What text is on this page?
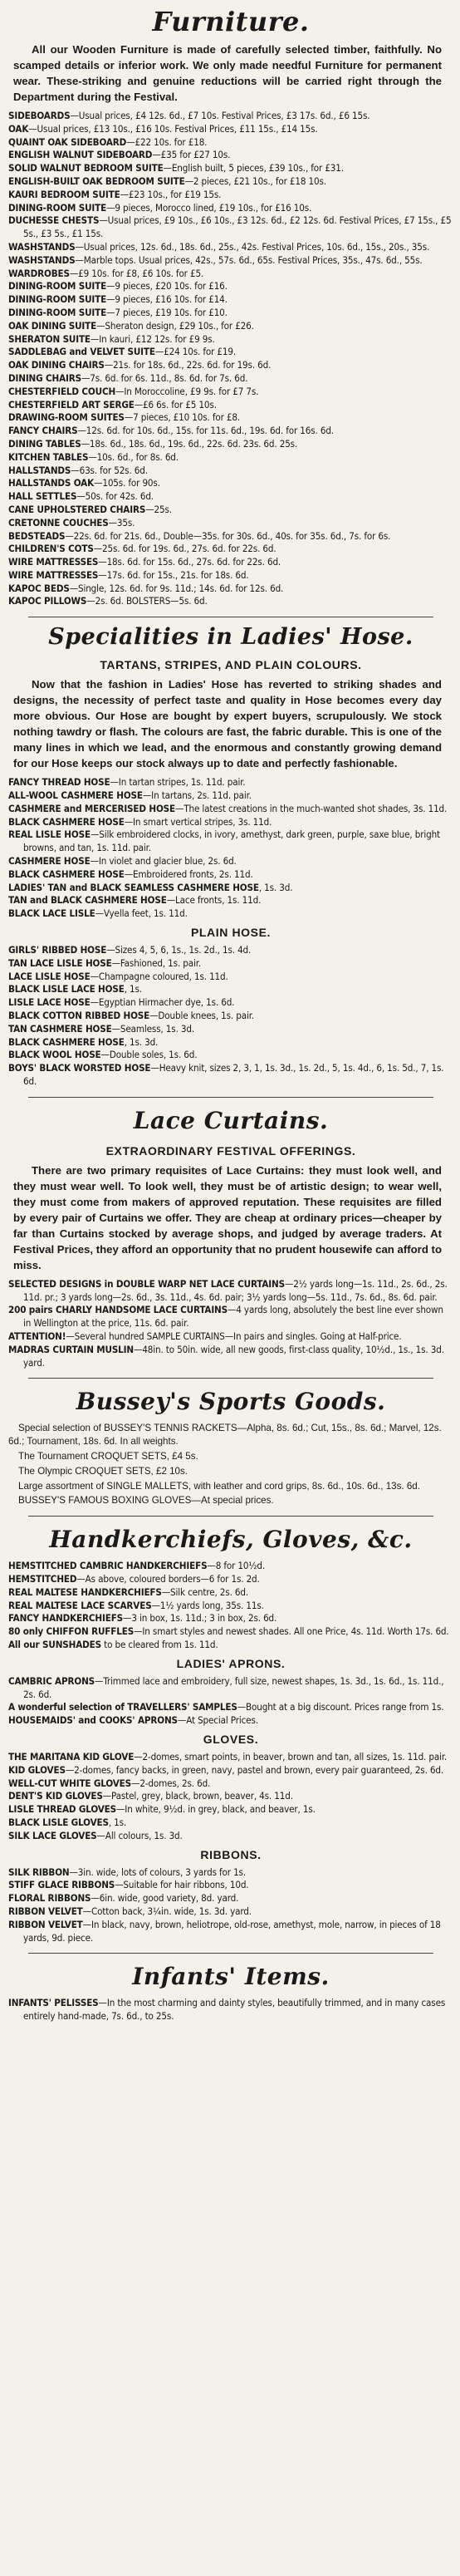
Furniture.

All our Wooden Furniture is made of carefully selected timber, faithfully. No scamped details or inferior work. We only made needful Furniture for permanent wear. These-striking and genuine reductions will be carried right through the Department during the Festival.

SIDEBOARDS—Usual prices, £4 12s. 6d., £7 10s. Festival Prices, £3 17s. 6d., £6 15s.

OAK—Usual prices, £13 10s., £16 10s. Festival Prices, £11 15s., £14 15s.

QUAINT OAK SIDEBOARD—£22 10s. for £18.

ENGLISH WALNUT SIDEBOARD—£35 for £27 10s.

SOLID WALNUT BEDROOM SUITE—English built, 5 pieces, £39 10s., for £31.

ENGLISH-BUILT OAK BEDROOM SUITE—2 pieces, £21 10s., for £18 10s.

KAURI BEDROOM SUITE—£23 10s., for £19 15s.

DINING-ROOM SUITE—9 pieces, Morocco lined, £19 10s., for £16 10s.

DUCHESSE CHESTS—Usual prices, £9 10s., £6 10s., £3 12s. 6d., £2 12s. 6d. Festival Prices, £7 15s., £5 5s., £3 5s., £1 15s.

WASHSTANDS—Usual prices, 12s. 6d., 18s. 6d., 25s., 42s. Festival Prices, 10s. 6d., 15s., 20s., 35s.

WASHSTANDS—Marble tops. Usual prices, 42s., 57s. 6d., 65s. Festival Prices, 35s., 47s. 6d., 55s.

WARDROBES—£9 10s. for £8, £6 10s. for £5.

DINING-ROOM SUITE—9 pieces, £20 10s. for £16.

DINING-ROOM SUITE—9 pieces, £16 10s. for £14.

DINING-ROOM SUITE—7 pieces, £19 10s. for £10.

OAK DINING SUITE—Sheraton design, £29 10s., for £26.

SHERATON SUITE—In kauri, £12 12s. for £9 9s.

SADDLEBAG and VELVET SUITE—£24 10s. for £19.

OAK DINING CHAIRS—21s. for 18s. 6d., 22s. 6d. for 19s. 6d.

DINING CHAIRS—7s. 6d. for 6s. 11d., 8s. 6d. for 7s. 6d.

CHESTERFIELD COUCH—In Moroccoline, £9 9s. for £7 7s.

CHESTERFIELD ART SERGE—£6 6s. for £5 10s.

DRAWING-ROOM SUITES—7 pieces, £10 10s. for £8.

FANCY CHAIRS—12s. 6d. for 10s. 6d., 15s. for 11s. 6d., 19s. 6d. for 16s. 6d.

DINING TABLES—18s. 6d., 18s. 6d., 19s. 6d., 22s. 6d. 23s. 6d. 25s.

KITCHEN TABLES—10s. 6d., for 8s. 6d.

HALLSTANDS—63s. for 52s. 6d.

HALLSTANDS OAK—105s. for 90s.

HALL SETTLES—50s. for 42s. 6d.

CANE UPHOLSTERED CHAIRS—25s.

CRETONNE COUCHES—35s.

BEDSTEADS—22s. 6d. for 21s. 6d., Double—35s. for 30s. 6d., 40s. for 35s. 6d., 7s. for 6s.

CHILDREN'S COTS—25s. 6d. for 19s. 6d., 27s. 6d. for 22s. 6d.

WIRE MATTRESSES—18s. 6d. for 15s. 6d., 27s. 6d. for 22s. 6d.

WIRE MATTRESSES—17s. 6d. for 15s., 21s. for 18s. 6d.

KAPOC BEDS—Single, 12s. 6d. for 9s. 11d.; 14s. 6d. for 12s. 6d.

KAPOC PILLOWS—2s. 6d. BOLSTERS—5s. 6d.

Specialities in Ladies' Hose.
TARTANS, STRIPES, AND PLAIN COLOURS.

Now that the fashion in Ladies' Hose has reverted to striking shades and designs, the necessity of perfect taste and quality in Hose becomes every day more obvious. Our Hose are bought by expert buyers, scrupulously. We stock nothing tawdry or flash. The colours are fast, the fabric durable. This is one of the many lines in which we lead, and the enormous and constantly growing demand for our Hose keeps our stock always up to date and perfectly fashionable.

FANCY THREAD HOSE—In tartan stripes, 1s. 11d. pair.

ALL-WOOL CASHMERE HOSE—In tartans, 2s. 11d. pair.

CASHMERE and MERCERISED HOSE—The latest creations in the much-wanted shot shades, 3s. 11d.

BLACK CASHMERE HOSE—In smart vertical stripes, 3s. 11d.

REAL LISLE HOSE—Silk embroidered clocks, in ivory, amethyst, dark green, purple, saxe blue, bright browns, and tan, 1s. 11d. pair.

CASHMERE HOSE—In violet and glacier blue, 2s. 6d.

BLACK CASHMERE HOSE—Embroidered fronts, 2s. 11d.

LADIES' TAN and BLACK SEAMLESS CASHMERE HOSE, 1s. 3d.

TAN and BLACK CASHMERE HOSE—Lace fronts, 1s. 11d.

BLACK LACE LISLE—Vyella feet, 1s. 11d.

PLAIN HOSE.

GIRLS' RIBBED HOSE—Sizes 4, 5, 6, 1s., 1s. 2d., 1s. 4d.

TAN LACE LISLE HOSE—Fashioned, 1s. pair.

LACE LISLE HOSE—Champagne coloured, 1s. 11d.

BLACK LISLE LACE HOSE, 1s.

LISLE LACE HOSE—Egyptian Hirmacher dye, 1s. 6d.

BLACK COTTON RIBBED HOSE—Double knees, 1s. pair.

TAN CASHMERE HOSE—Seamless, 1s. 3d.

BLACK CASHMERE HOSE, 1s. 3d.

BLACK WOOL HOSE—Double soles, 1s. 6d.

BOYS' BLACK WORSTED HOSE—Heavy knit, sizes 2, 3, 1, 1s. 3d., 1s. 2d., 5, 1s. 4d., 6, 1s. 5d., 7, 1s. 6d.

Lace Curtains.
EXTRAORDINARY FESTIVAL OFFERINGS.

There are two primary requisites of Lace Curtains: they must look well, and they must wear well. To look well, they must be of artistic design; to wear well, they must come from makers of approved reputation. These requisites are filled by every pair of Curtains we offer. They are cheap at ordinary prices—cheaper by far than Curtains stocked by average shops, and judged by average traders. At Festival Prices, they afford an opportunity that no prudent housewife can afford to miss.

SELECTED DESIGNS in DOUBLE WARP NET LACE CURTAINS—2½ yards long—1s. 11d., 2s. 6d., 2s. 11d. pr.; 3 yards long—2s. 6d., 3s. 11d., 4s. 6d. pair; 3½ yards long—5s. 11d., 7s. 6d., 8s. 6d. pair.

200 pairs CHARLY HANDSOME LACE CURTAINS—4 yards long, absolutely the best line ever shown in Wellington at the price, 11s. 6d. pair.

ATTENTION!—Several hundred SAMPLE CURTAINS—In pairs and singles. Going at Half-price.

MADRAS CURTAIN MUSLIN—48in. to 50in. wide, all new goods, first-class quality, 10½d., 1s., 1s. 3d. yard.

Bussey's Sports Goods.

Special selection of BUSSEY'S TENNIS RACKETS—Alpha, 8s. 6d.; Cut, 15s., 8s. 6d.; Marvel, 12s. 6d.; Tournament, 18s. 6d. In all weights.

The Tournament CROQUET SETS, £4 5s.

The Olympic CROQUET SETS, £2 10s.

Large assortment of SINGLE MALLETS, with leather and cord grips, 8s. 6d., 10s. 6d., 13s. 6d.

BUSSEY'S FAMOUS BOXING GLOVES—At special prices.

Handkerchiefs, Gloves, &c.

HEMSTITCHED CAMBRIC HANDKERCHIEFS—8 for 10½d.

HEMSTITCHED—As above, coloured borders—6 for 1s. 2d.

REAL MALTESE HANDKERCHIEFS—Silk centre, 2s. 6d.

REAL MALTESE LACE SCARVES—1½ yards long, 35s. 11s.

FANCY HANDKERCHIEFS—3 in box, 1s. 11d.; 3 in box, 2s. 6d.

80 only CHIFFON RUFFLES—In smart styles and newest shades. All one Price, 4s. 11d. Worth 17s. 6d.

All our SUNSHADES to be cleared from 1s. 11d.

LADIES' APRONS.

CAMBRIC APRONS—Trimmed lace and embroidery, full size, newest shapes, 1s. 3d., 1s. 6d., 1s. 11d., 2s. 6d.

A wonderful selection of TRAVELLERS' SAMPLES—Bought at a big discount. Prices range from 1s.

HOUSEMAIDS' and COOKS' APRONS—At Special Prices.

GLOVES.

THE MARITANA KID GLOVE—2-domes, smart points, in beaver, brown and tan, all sizes, 1s. 11d. pair.

KID GLOVES—2-domes, fancy backs, in green, navy, pastel and brown, every pair guaranteed, 2s. 6d.

WELL-CUT WHITE GLOVES—2-domes, 2s. 6d.

DENT'S KID GLOVES—Pastel, grey, black, brown, beaver, 4s. 11d.

LISLE THREAD GLOVES—In white, 9½d. in grey, black, and beaver, 1s.

BLACK LISLE GLOVES, 1s.

SILK LACE GLOVES—All colours, 1s. 3d.

RIBBONS.

SILK RIBBON—3in. wide, lots of colours, 3 yards for 1s.

STIFF GLACE RIBBONS—Suitable for hair ribbons, 10d.

FLORAL RIBBONS—6in. wide, good variety, 8d. yard.

RIBBON VELVET—Cotton back, 3¼in. wide, 1s. 3d. yard.

RIBBON VELVET—In black, navy, brown, heliotrope, old-rose, amethyst, mole, narrow, in pieces of 18 yards, 9d. piece.

Infants' Items.

INFANTS' PELISSES—In the most charming and dainty styles, beautifully trimmed, and in many cases entirely hand-made, 7s. 6d., to 25s.
